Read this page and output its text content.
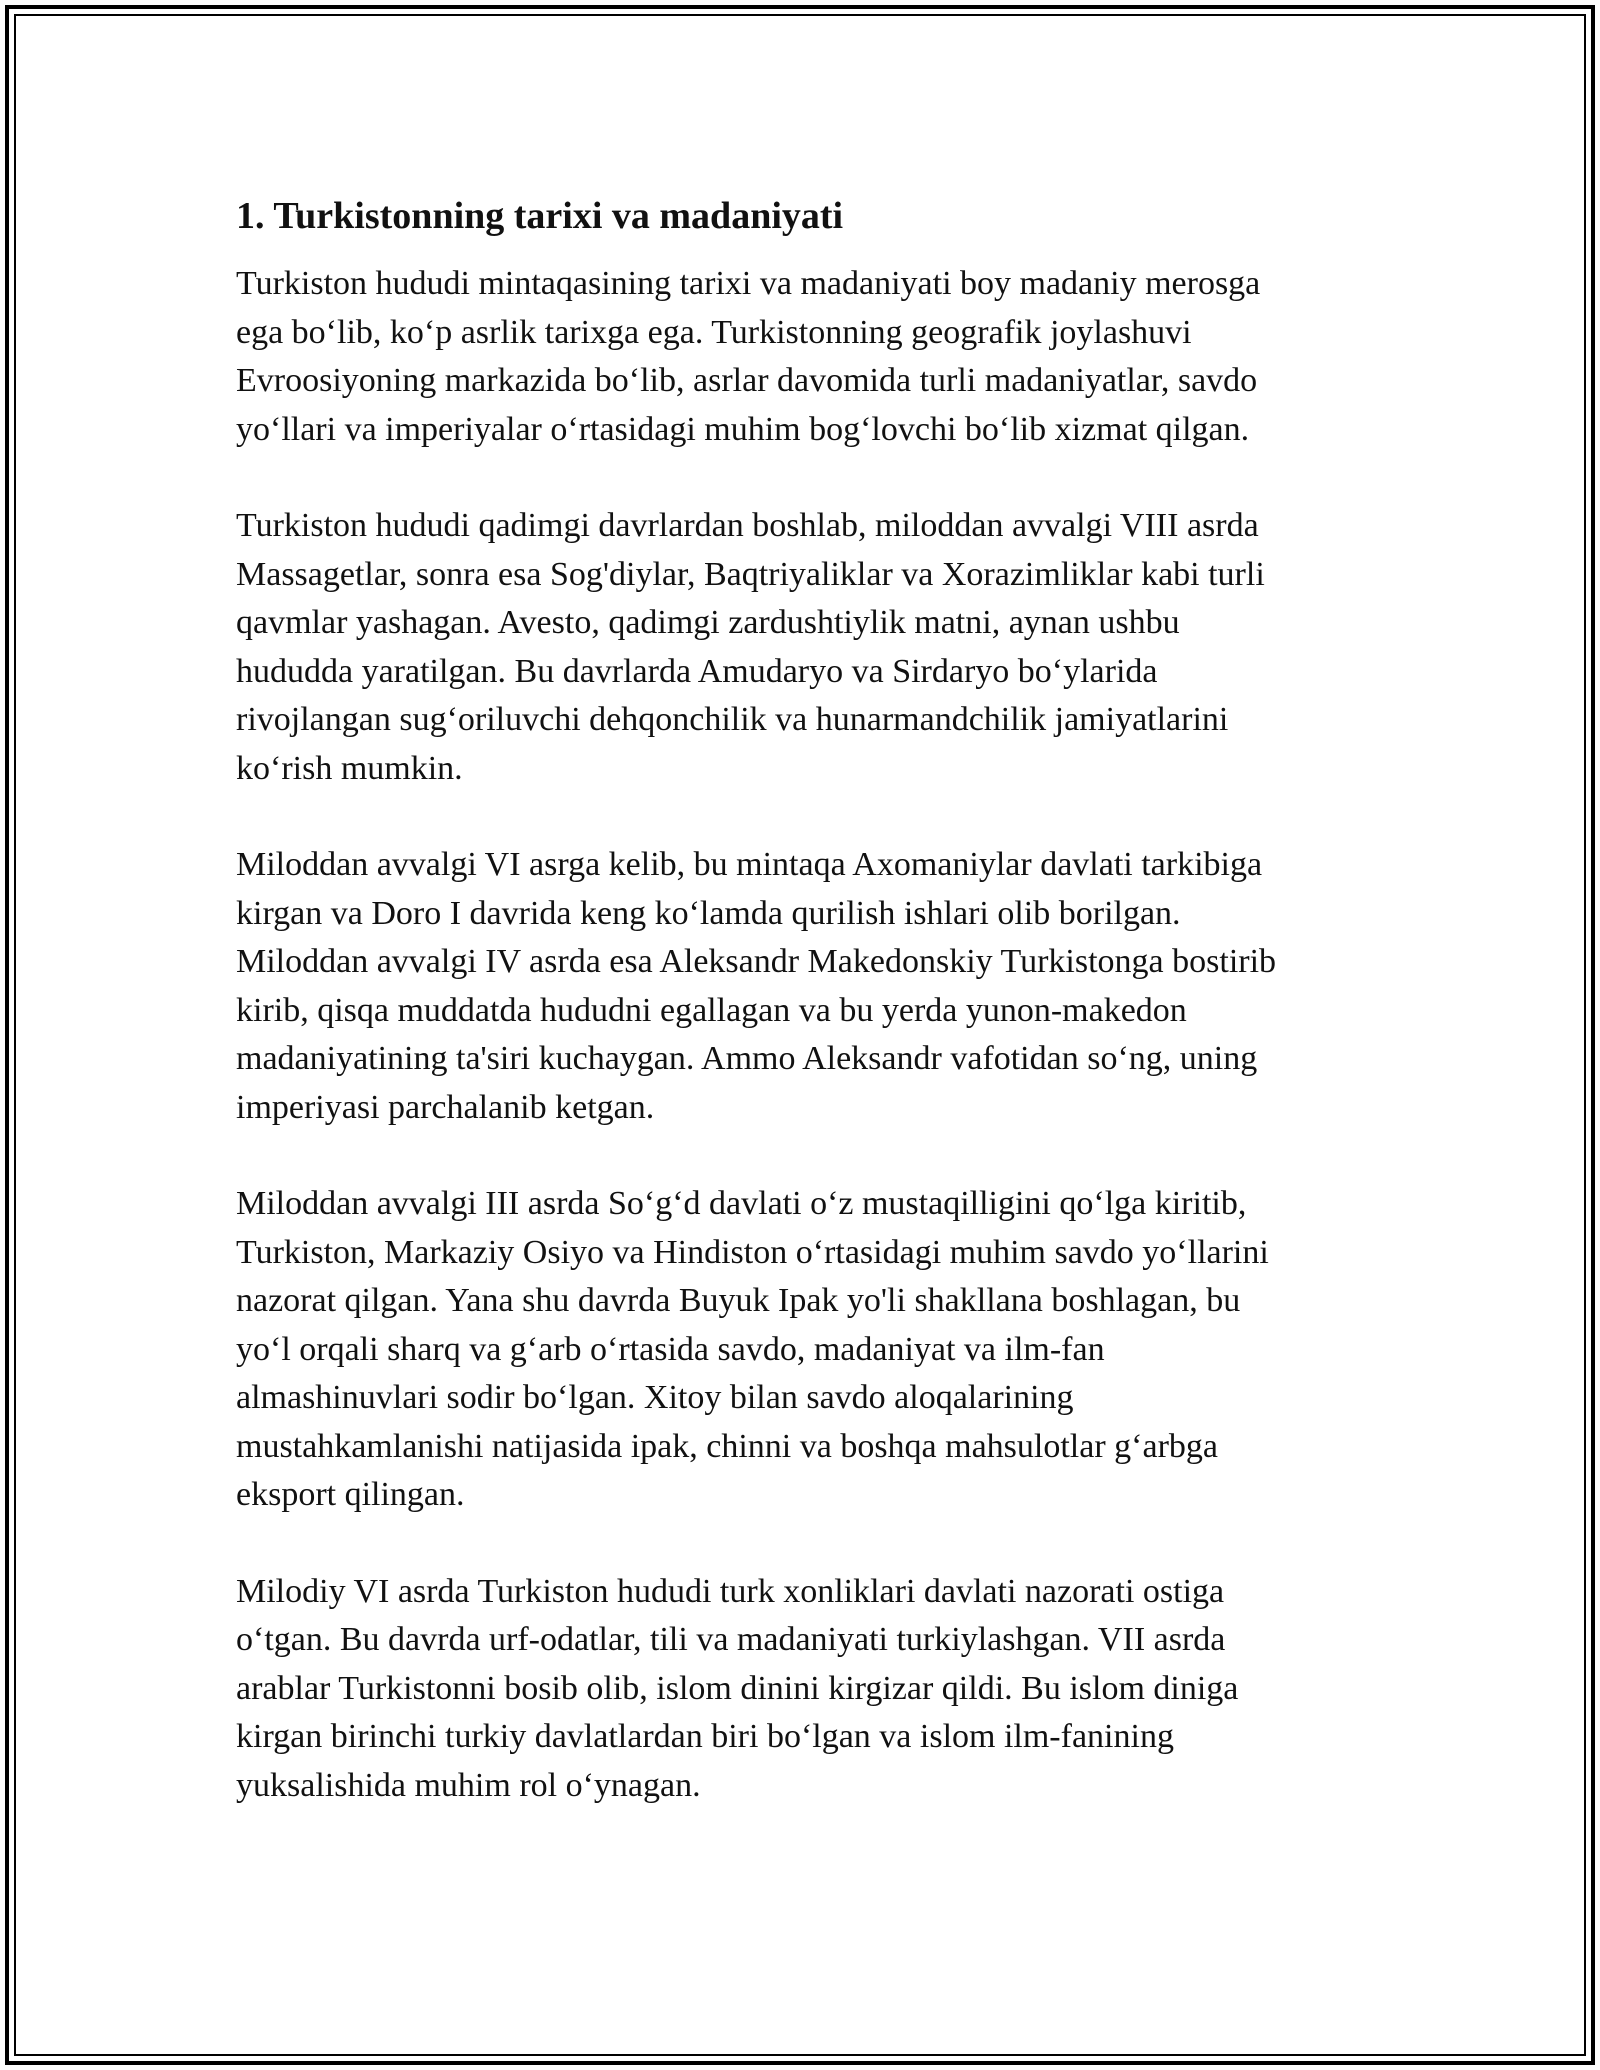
1. Turkistonning tarixi va madaniyati

Turkiston hududi mintaqasining tarixi va madaniyati boy madaniy merosga
ega bo‘lib, ko‘p asrlik tarixga ega. Turkistonning geografik joylashuvi
Evroosiyoning markazida bo‘lib, asrlar davomida turli madaniyatlar, savdo
yo‘llari va imperiyalar o‘rtasidagi muhim bog‘lovchi bo‘lib xizmat qilgan.

Turkiston hududi qadimgi davrlardan boshlab, miloddan avvalgi VIII asrda
Massagetlar, sonra esa Sog'diylar, Baqtriyaliklar va Xorazimliklar kabi turli
qavmlar yashagan. Avesto, qadimgi zardushtiylik matni, aynan ushbu
hududda yaratilgan. Bu davrlarda Amudaryo va Sirdaryo bo‘ylarida
rivojlangan sug‘oriluvchi dehqonchilik va hunarmandchilik jamiyatlarini
ko‘rish mumkin.

Miloddan avvalgi VI asrga kelib, bu mintaqa Axomaniylar davlati tarkibiga
kirgan va Doro I davrida keng ko‘lamda qurilish ishlari olib borilgan.
Miloddan avvalgi IV asrda esa Aleksandr Makedonskiy Turkistonga bostirib
kirib, qisqa muddatda hududni egallagan va bu yerda yunon-makedon
madaniyatining ta'siri kuchaygan. Ammo Aleksandr vafotidan so‘ng, uning
imperiyasi parchalanib ketgan.

Miloddan avvalgi III asrda So‘g‘d davlati o‘z mustaqilligini qo‘lga kiritib,
Turkiston, Markaziy Osiyo va Hindiston o‘rtasidagi muhim savdo yo‘llarini
nazorat qilgan. Yana shu davrda Buyuk Ipak yo'li shakllana boshlagan, bu
yo‘l orqali sharq va g‘arb o‘rtasida savdo, madaniyat va ilm-fan
almashinuvlari sodir bo‘lgan. Xitoy bilan savdo aloqalarining
mustahkamlanishi natijasida ipak, chinni va boshqa mahsulotlar g‘arbga
eksport qilingan.

Milodiy VI asrda Turkiston hududi turk xonliklari davlati nazorati ostiga
o‘tgan. Bu davrda urf-odatlar, tili va madaniyati turkiylashgan. VII asrda
arablar Turkistonni bosib olib, islom dinini kirgizar qildi. Bu islom diniga
kirgan birinchi turkiy davlatlardan biri bo‘lgan va islom ilm-fanining
yuksalishida muhim rol o‘ynagan.
